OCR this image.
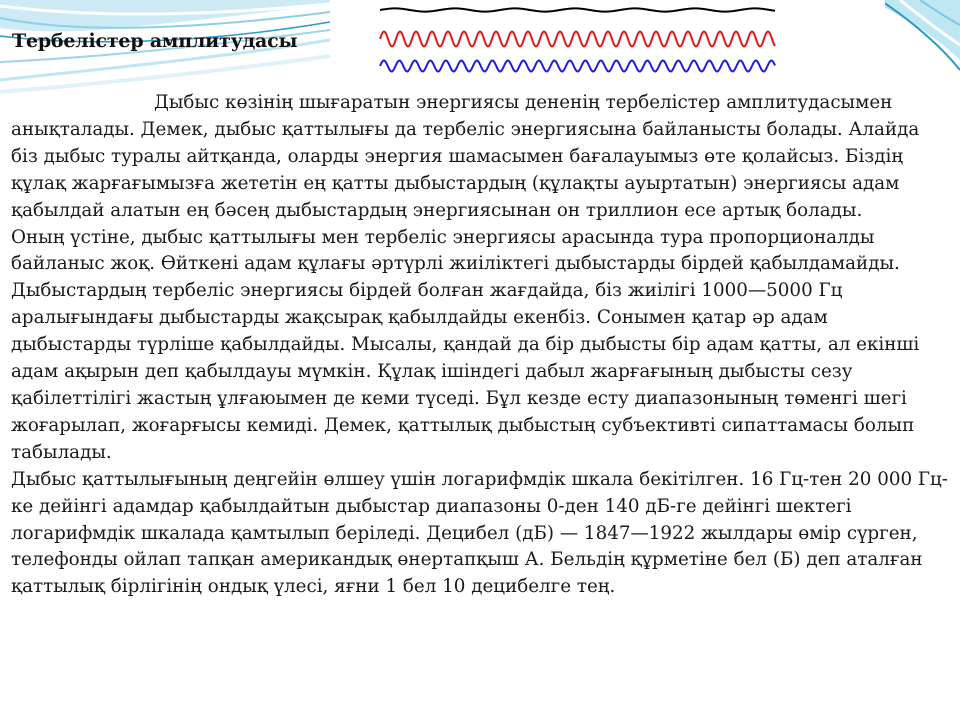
Тербелістер амплитудасы

Дыбыс көзінің шығаратын энергиясы дененің тербелістер амплитудасымен анықталады. Демек, дыбыс қаттылығы да тербеліс энергиясына байланысты болады. Алайда біз дыбыс туралы айтқанда, оларды энергия шамасымен бағалауымыз өте қолайсыз. Біздің құлақ жарғағымызға жететін ең қатты дыбыстардың (құлақты ауыртатын) энергиясы адам қабылдай алатын ең бәсең дыбыстардың энергиясынан он триллион есе артық болады.

Оның үстіне, дыбыс қаттылығы мен тербеліс энергиясы арасында тура пропорционалды байланыс жоқ. Өйткені адам құлағы әртүрлі жиіліктегі дыбыстарды бірдей қабылдамайды. Дыбыстардың тербеліс энергиясы бірдей болған жағдайда, біз жиілігі 1000—5000 Гц аралығындағы дыбыстарды жақсырақ қабылдайды екенбіз. Сонымен қатар әр адам дыбыстарды түрліше қабылдайды. Мысалы, қандай да бір дыбысты бір адам қатты, ал екінші адам ақырын деп қабылдауы мүмкін. Құлақ ішіндегі дабыл жарғағының дыбысты сезу қабілеттілігі жастың ұлғаюымен де кеми түседі. Бұл кезде есту диапазонының төменгі шегі жоғарылап, жоғарғысы кемиді. Демек, қаттылық дыбыстың субъективті сипаттамасы болып табылады.

Дыбыс қаттылығының деңгейін өлшеу үшін логарифмдік шкала бекітілген. 16 Гц-тен 20 000 Гц-ке дейінгі адамдар қабылдайтын дыбыстар диапазоны 0-ден 140 дБ-ге дейінгі шектегі логарифмдік шкалада қамтылып беріледі. Децибел (дБ) — 1847—1922 жылдары өмір сүрген, телефонды ойлап тапқан американдық өнертапқыш А. Бельдің құрметіне бел (Б) деп аталған қаттылық бірлігінің ондық үлесі, яғни 1 бел 10 децибелге тең.
